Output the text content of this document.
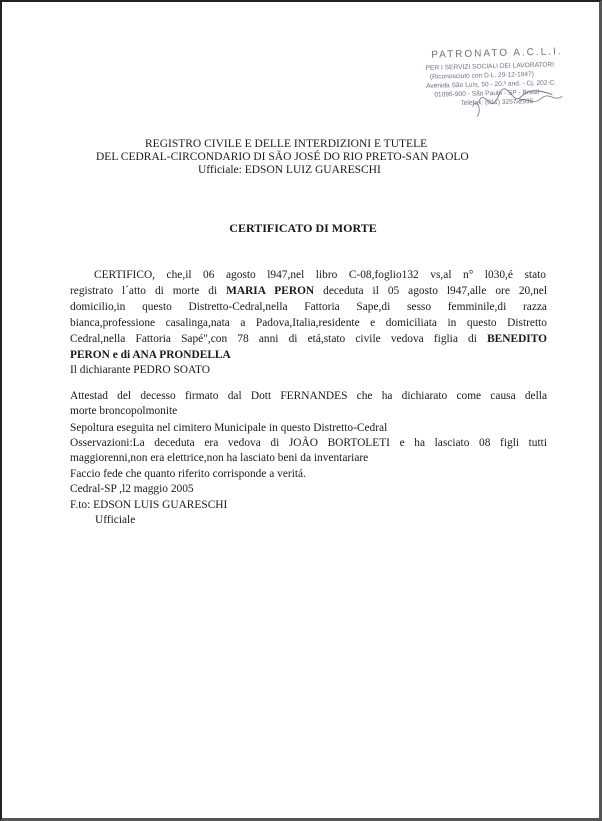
PATRONATO A.C.L.I.
PER I SERVIZI SOCIALI DEI LAVORATORI
(Riconosciuto con D.L. 29-12-1947)
Avenida São Luís, 50 - 20.º and. - Cj. 202-C
01095-900 - São Paulo - SP - Brasil
Telefax: (011) 3257-2935
REGISTRO CIVILE E DELLE INTERDIZIONI E TUTELE
DEL CEDRAL-CIRCONDARIO DI SÃO JOSÉ DO RIO PRETO-SAN PAOLO
Ufficiale: EDSON LUIZ GUARESCHI
CERTIFICATO DI MORTE
CERTIFICO, che,il 06 agosto l947,nel libro C-08,foglio132 vs,al n° l030,é stato
registrato l´atto di morte di MARIA PERON deceduta il 05 agosto l947,alle ore 20,nel
domicilio,in questo Distretto-Cedral,nella Fattoria Sape,di sesso femminile,di razza
bianca,professione casalinga,nata a Padova,Italia,residente e domiciliata in questo Distretto
Cedral,nella Fattoria Sapé",con 78 anni di etá,stato civile vedova figlia di BENEDITO
PERON e di ANA PRONDELLA
Il dichiarante PEDRO SOATO
Attestad del decesso firmato dal Dott FERNANDES che ha dichiarato come causa della
morte broncopolmonite
Sepoltura eseguita nel cimitero Municipale in questo Distretto-Cedral
Osservazioni:La deceduta era vedova di JOÃO BORTOLETI e ha lasciato 08 figli tutti
maggiorenni,non era elettrice,non ha lasciato beni da inventariare
Faccio fede che quanto riferito corrisponde a veritá.
Cedral-SP ,l2 maggio 2005
F.to: EDSON LUIS GUARESCHI
Ufficiale
